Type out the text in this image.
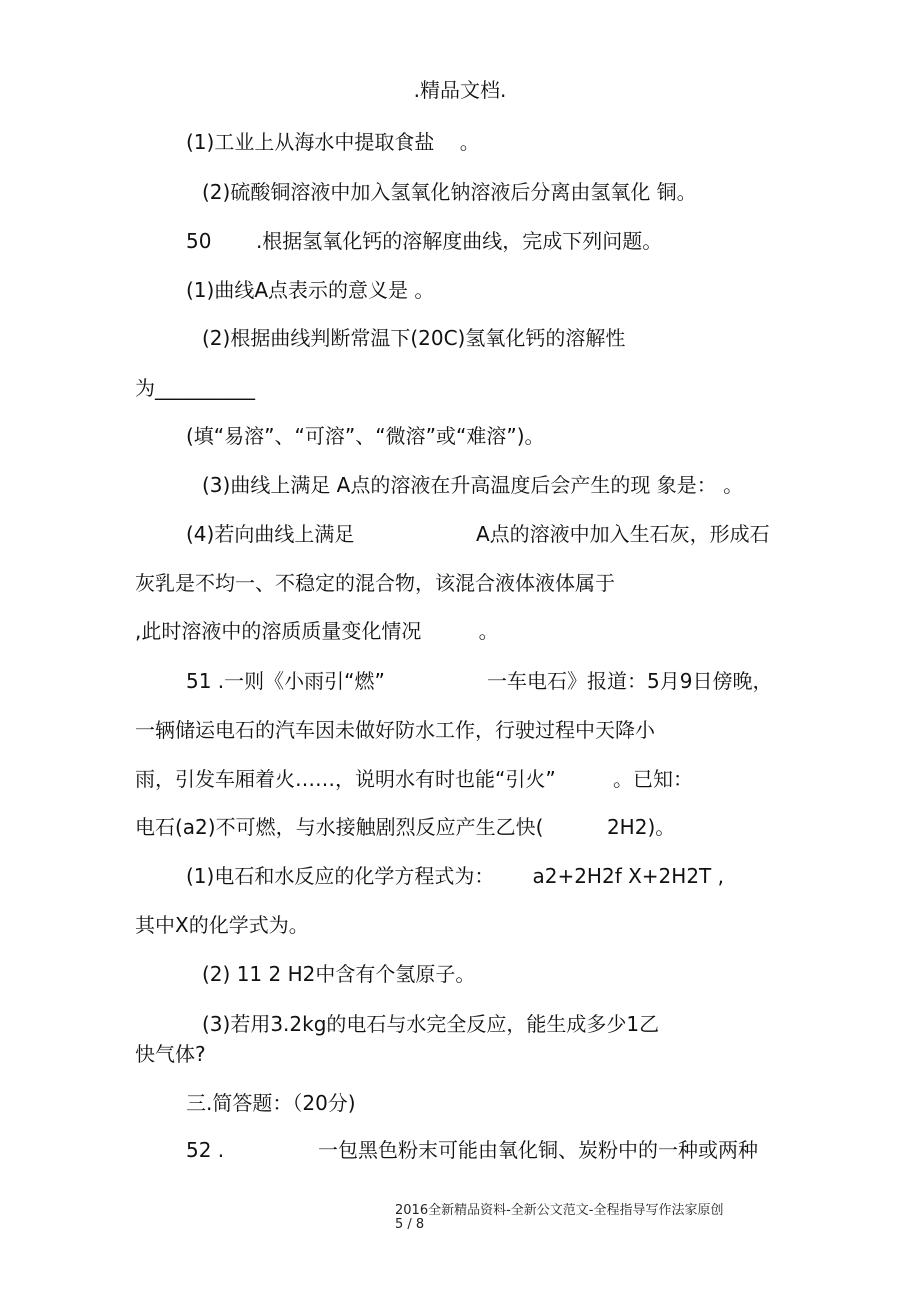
.精品文档.
(1)工业上从海水中提取食盐    。
(2)硫酸铜溶液中加入氢氧化钠溶液后分离由氢氧化 铜。
50       .根据氢氧化钙的溶解度曲线，完成下列问题。
(1)曲线A点表示的意义是 。
(2)根据曲线判断常温下(20C)氢氧化钙的溶解性
为__________
(填“易溶”、“可溶”、“微溶”或“难溶”)。
(3)曲线上满足 A点的溶液在升高温度后会产生的现 象是： 。
(4)若向曲线上满足	A点的溶液中加入生石灰，形成石
灰乳是不均一、不稳定的混合物，该混合液体液体属于
,此时溶液中的溶质质量变化情况         。
51 .一则《小雨引“燃”	一车电石》报道：5月9日傍晚，
一辆储运电石的汽车因未做好防水工作，行驶过程中天降小
雨，引发车厢着火……，说明水有时也能“引火”         。已知：
电石(a2)不可燃，与水接触剧烈反应产生乙快(          2H2)。
(1)电石和水反应的化学方程式为：      a2+2H2f X+2H2T ,
其中X的化学式为。
(2) 11 2 H2中含有个氢原子。
(3)若用3.2kg的电石与水完全反应，能生成多少1乙
快气体?
三.简答题：（20分)
52 .	一包黑色粉末可能由氧化铜、炭粉中的一种或两种
2016全新精品资料-全新公文范文-全程指导写作法家原创
5 / 8
